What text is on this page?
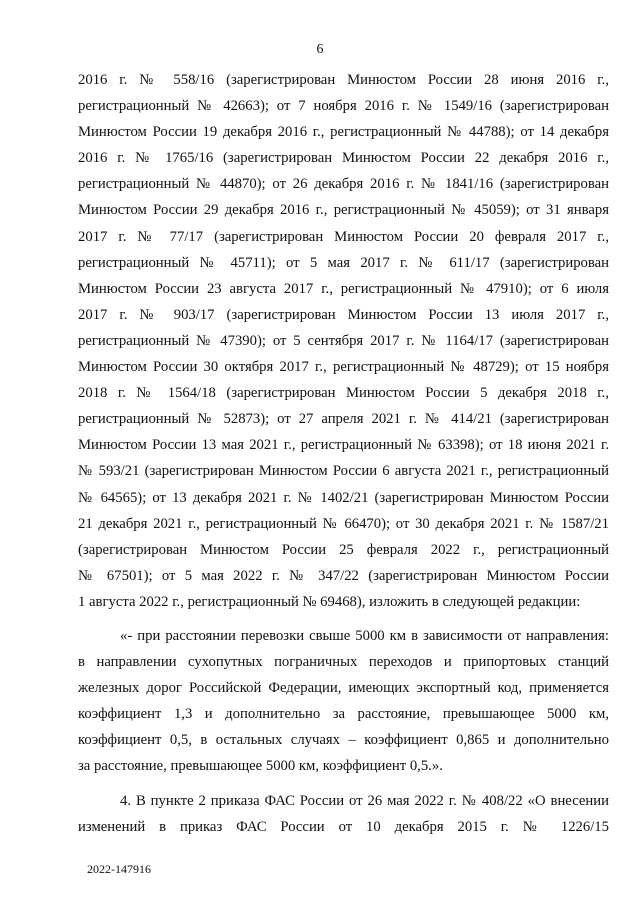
6
2016 г. № 558/16 (зарегистрирован Минюстом России 28 июня 2016 г.,
регистрационный № 42663); от 7 ноября 2016 г. № 1549/16 (зарегистрирован
Минюстом России 19 декабря 2016 г., регистрационный № 44788); от 14 декабря
2016 г. № 1765/16 (зарегистрирован Минюстом России 22 декабря 2016 г.,
регистрационный № 44870); от 26 декабря 2016 г. № 1841/16 (зарегистрирован
Минюстом России 29 декабря 2016 г., регистрационный № 45059); от 31 января
2017 г. № 77/17 (зарегистрирован Минюстом России 20 февраля 2017 г.,
регистрационный № 45711); от 5 мая 2017 г. № 611/17 (зарегистрирован
Минюстом России 23 августа 2017 г., регистрационный № 47910); от 6 июля
2017 г. № 903/17 (зарегистрирован Минюстом России 13 июля 2017 г.,
регистрационный № 47390); от 5 сентября 2017 г. № 1164/17 (зарегистрирован
Минюстом России 30 октября 2017 г., регистрационный № 48729); от 15 ноября
2018 г. № 1564/18 (зарегистрирован Минюстом России 5 декабря 2018 г.,
регистрационный № 52873); от 27 апреля 2021 г. № 414/21 (зарегистрирован
Минюстом России 13 мая 2021 г., регистрационный № 63398); от 18 июня 2021 г.
№ 593/21 (зарегистрирован Минюстом России 6 августа 2021 г., регистрационный
№ 64565); от 13 декабря 2021 г. № 1402/21 (зарегистрирован Минюстом России
21 декабря 2021 г., регистрационный № 66470); от 30 декабря 2021 г. № 1587/21
(зарегистрирован Минюстом России 25 февраля 2022 г., регистрационный
№ 67501); от 5 мая 2022 г. № 347/22 (зарегистрирован Минюстом России
1 августа 2022 г., регистрационный № 69468), изложить в следующей редакции:
«- при расстоянии перевозки свыше 5000 км в зависимости от направления:
в направлении сухопутных пограничных переходов и припортовых станций
железных дорог Российской Федерации, имеющих экспортный код, применяется
коэффициент 1,3 и дополнительно за расстояние, превышающее 5000 км,
коэффициент 0,5, в остальных случаях – коэффициент 0,865 и дополнительно
за расстояние, превышающее 5000 км, коэффициент 0,5.».
4. В пункте 2 приказа ФАС России от 26 мая 2022 г. № 408/22 «О внесении
изменений в приказ ФАС России от 10 декабря 2015 г. № 1226/15
2022-147916
